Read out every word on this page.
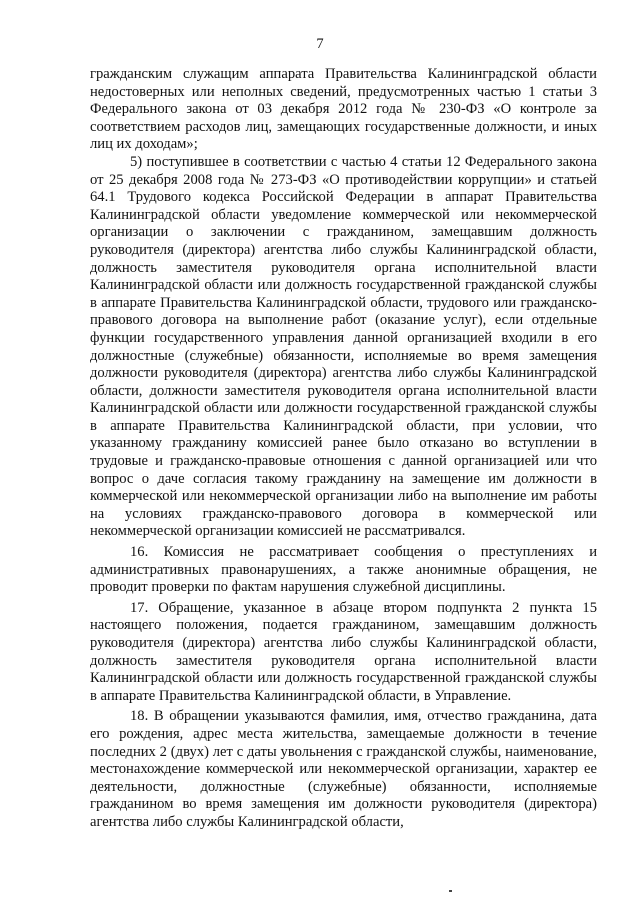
7

гражданским служащим аппарата Правительства Калининградской области недостоверных или неполных сведений, предусмотренных частью 1 статьи 3 Федерального закона от 03 декабря 2012 года № 230-ФЗ «О контроле за соответствием расходов лиц, замещающих государственные должности, и иных лиц их доходам»;

5) поступившее в соответствии с частью 4 статьи 12 Федерального закона от 25 декабря 2008 года № 273-ФЗ «О противодействии коррупции» и статьей 64.1 Трудового кодекса Российской Федерации в аппарат Правительства Калининградской области уведомление коммерческой или некоммерческой организации о заключении с гражданином, замещавшим должность руководителя (директора) агентства либо службы Калининградской области, должность заместителя руководителя органа исполнительной власти Калининградской области или должность государственной гражданской службы в аппарате Правительства Калининградской области, трудового или гражданско-правового договора на выполнение работ (оказание услуг), если отдельные функции государственного управления данной организацией входили в его должностные (служебные) обязанности, исполняемые во время замещения должности руководителя (директора) агентства либо службы Калининградской области, должности заместителя руководителя органа исполнительной власти Калининградской области или должности государственной гражданской службы в аппарате Правительства Калининградской области, при условии, что указанному гражданину комиссией ранее было отказано во вступлении в трудовые и гражданско-правовые отношения с данной организацией или что вопрос о даче согласия такому гражданину на замещение им должности в коммерческой или некоммерческой организации либо на выполнение им работы на условиях гражданско-правового договора в коммерческой или некоммерческой организации комиссией не рассматривался.

16. Комиссия не рассматривает сообщения о преступлениях и административных правонарушениях, а также анонимные обращения, не проводит проверки по фактам нарушения служебной дисциплины.

17. Обращение, указанное в абзаце втором подпункта 2 пункта 15 настоящего положения, подается гражданином, замещавшим должность руководителя (директора) агентства либо службы Калининградской области, должность заместителя руководителя органа исполнительной власти Калининградской области или должность государственной гражданской службы в аппарате Правительства Калининградской области, в Управление.

18. В обращении указываются фамилия, имя, отчество гражданина, дата его рождения, адрес места жительства, замещаемые должности в течение последних 2 (двух) лет с даты увольнения с гражданской службы, наименование, местонахождение коммерческой или некоммерческой организации, характер ее деятельности, должностные (служебные) обязанности, исполняемые гражданином во время замещения им должности руководителя (директора) агентства либо службы Калининградской области,
